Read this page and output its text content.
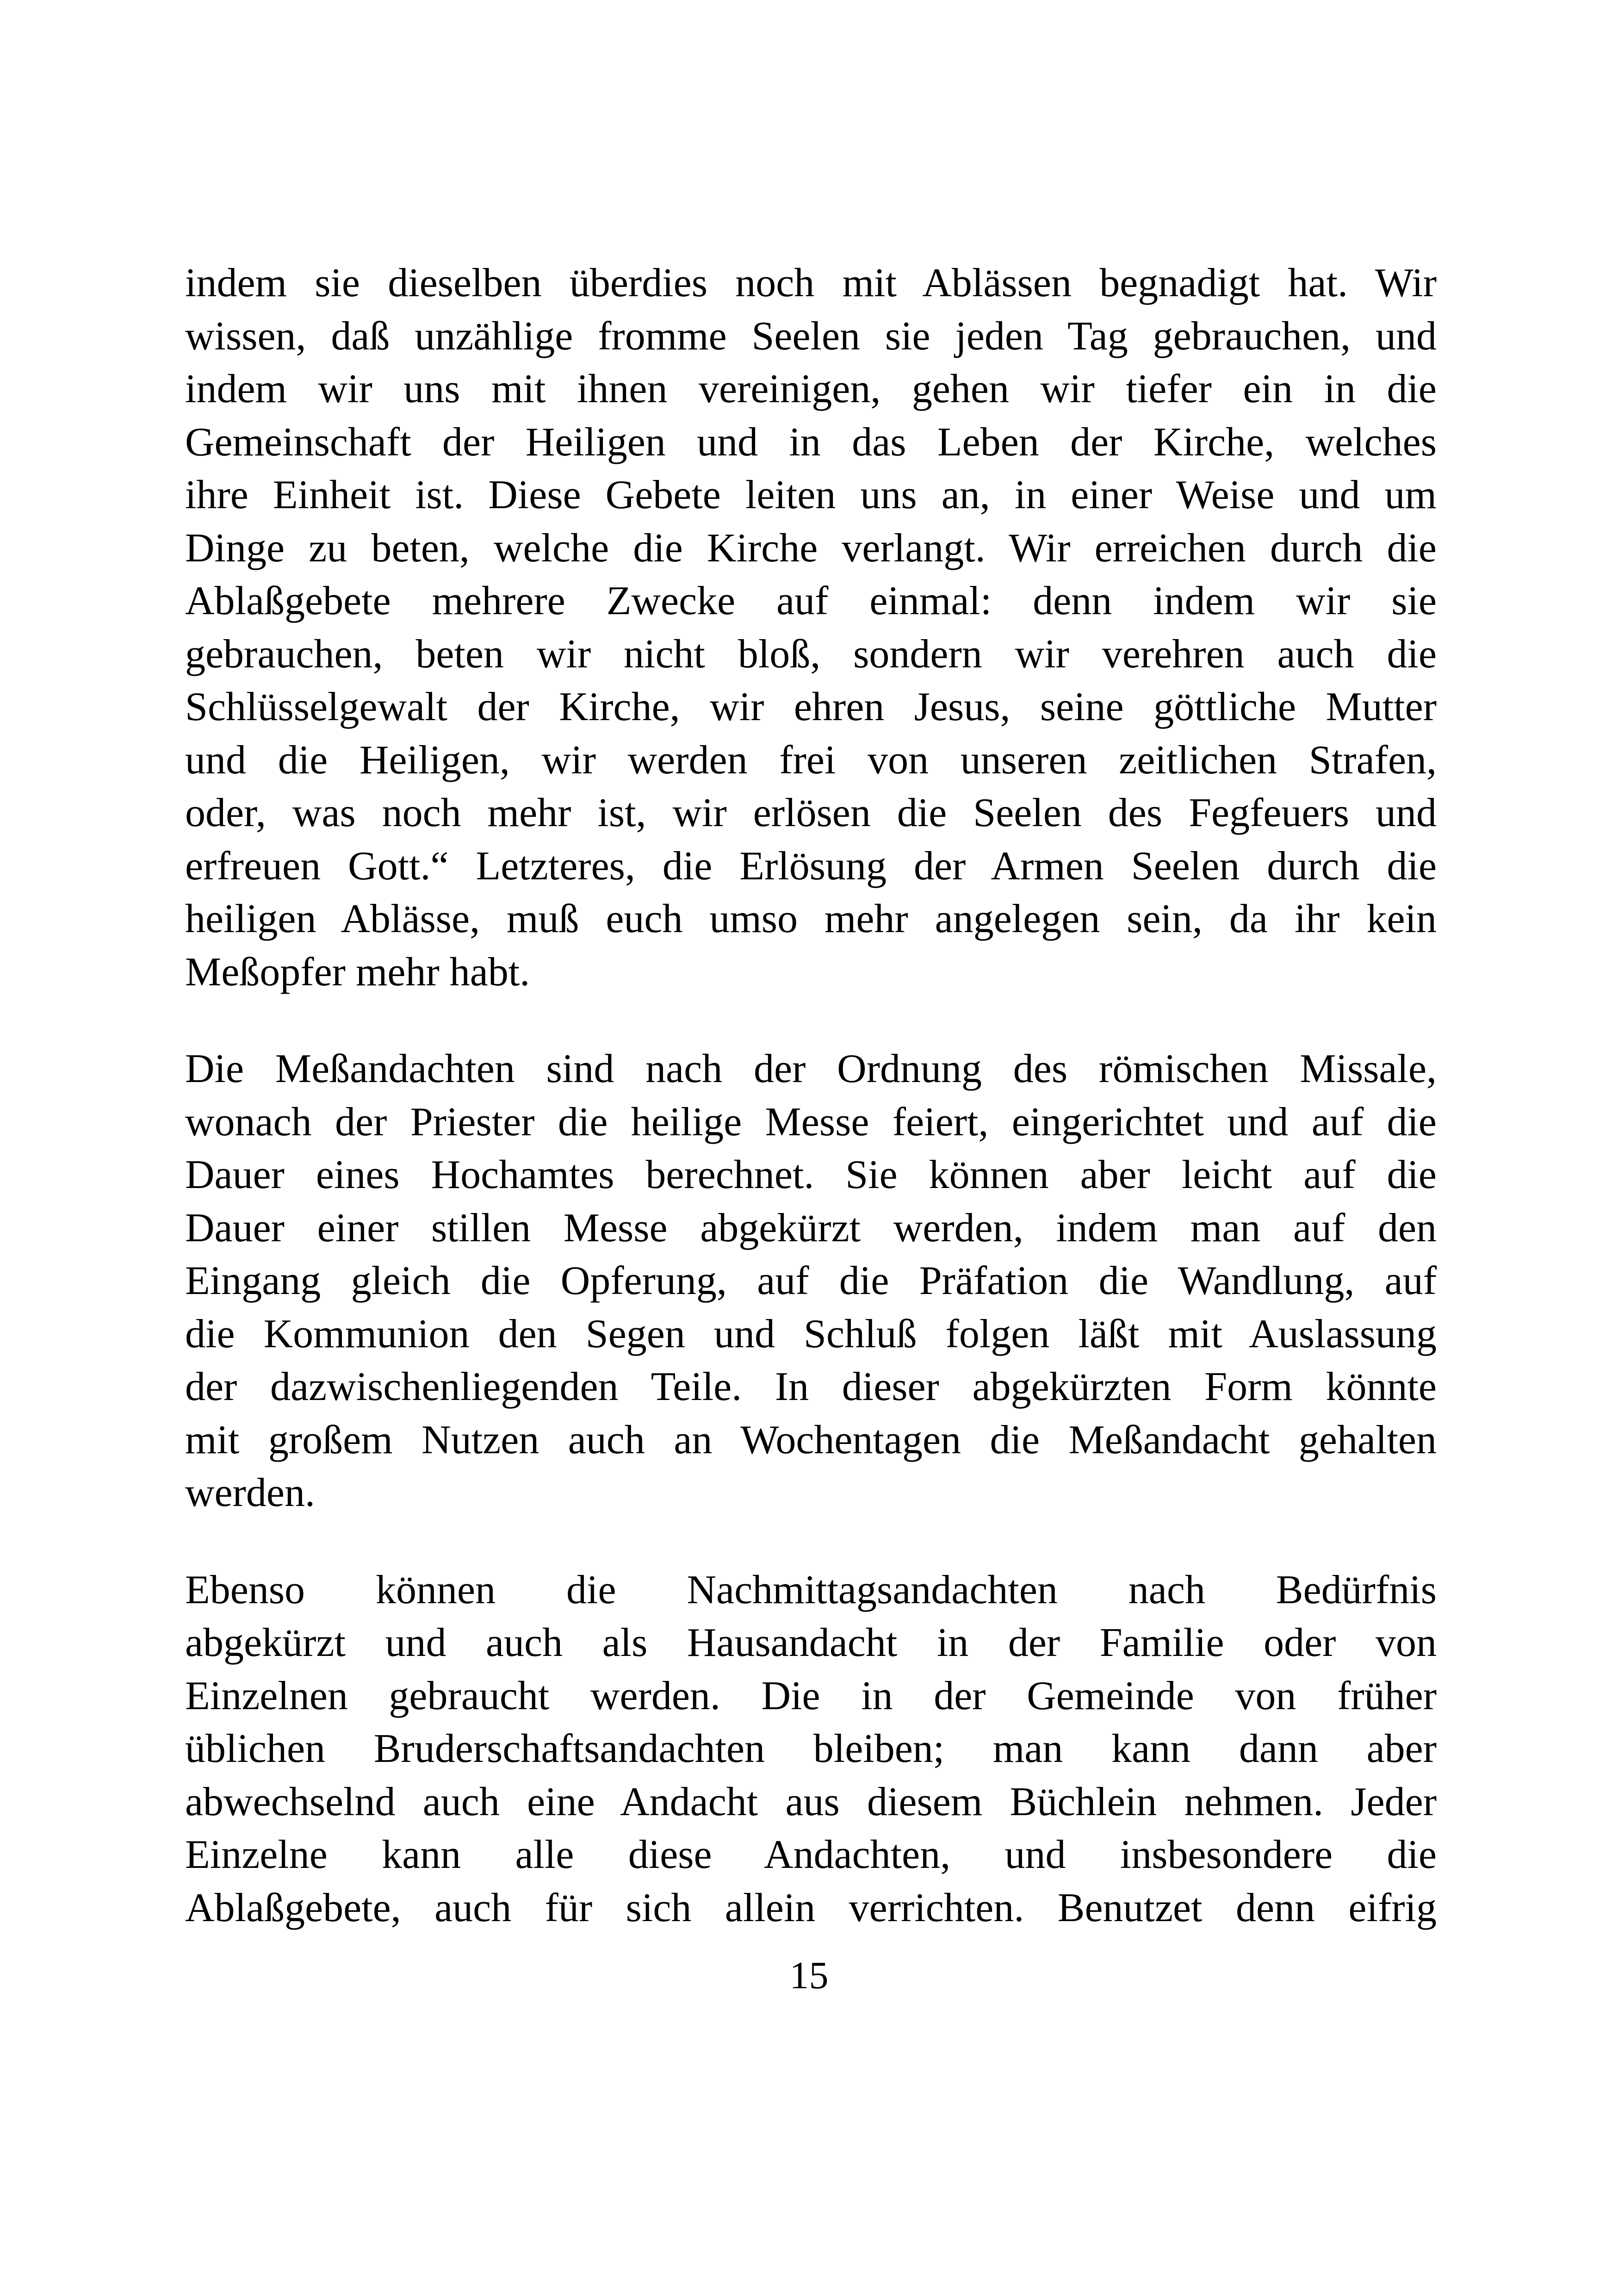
indem sie dieselben überdies noch mit Ablässen begnadigt hat. Wir
wissen, daß unzählige fromme Seelen sie jeden Tag gebrauchen, und
indem wir uns mit ihnen vereinigen, gehen wir tiefer ein in die
Gemeinschaft der Heiligen und in das Leben der Kirche, welches
ihre Einheit ist. Diese Gebete leiten uns an, in einer Weise und um
Dinge zu beten, welche die Kirche verlangt. Wir erreichen durch die
Ablaßgebete mehrere Zwecke auf einmal: denn indem wir sie
gebrauchen, beten wir nicht bloß, sondern wir verehren auch die
Schlüsselgewalt der Kirche, wir ehren Jesus, seine göttliche Mutter
und die Heiligen, wir werden frei von unseren zeitlichen Strafen,
oder, was noch mehr ist, wir erlösen die Seelen des Fegfeuers und
erfreuen Gott.“ Letzteres, die Erlösung der Armen Seelen durch die
heiligen Ablässe, muß euch umso mehr angelegen sein, da ihr kein
Meßopfer mehr habt.
Die Meßandachten sind nach der Ordnung des römischen Missale,
wonach der Priester die heilige Messe feiert, eingerichtet und auf die
Dauer eines Hochamtes berechnet. Sie können aber leicht auf die
Dauer einer stillen Messe abgekürzt werden, indem man auf den
Eingang gleich die Opferung, auf die Präfation die Wandlung, auf
die Kommunion den Segen und Schluß folgen läßt mit Auslassung
der dazwischenliegenden Teile. In dieser abgekürzten Form könnte
mit großem Nutzen auch an Wochentagen die Meßandacht gehalten
werden.
Ebenso können die Nachmittagsandachten nach Bedürfnis
abgekürzt und auch als Hausandacht in der Familie oder von
Einzelnen gebraucht werden. Die in der Gemeinde von früher
üblichen Bruderschaftsandachten bleiben; man kann dann aber
abwechselnd auch eine Andacht aus diesem Büchlein nehmen. Jeder
Einzelne kann alle diese Andachten, und insbesondere die
Ablaßgebete, auch für sich allein verrichten. Benutzet denn eifrig
15
